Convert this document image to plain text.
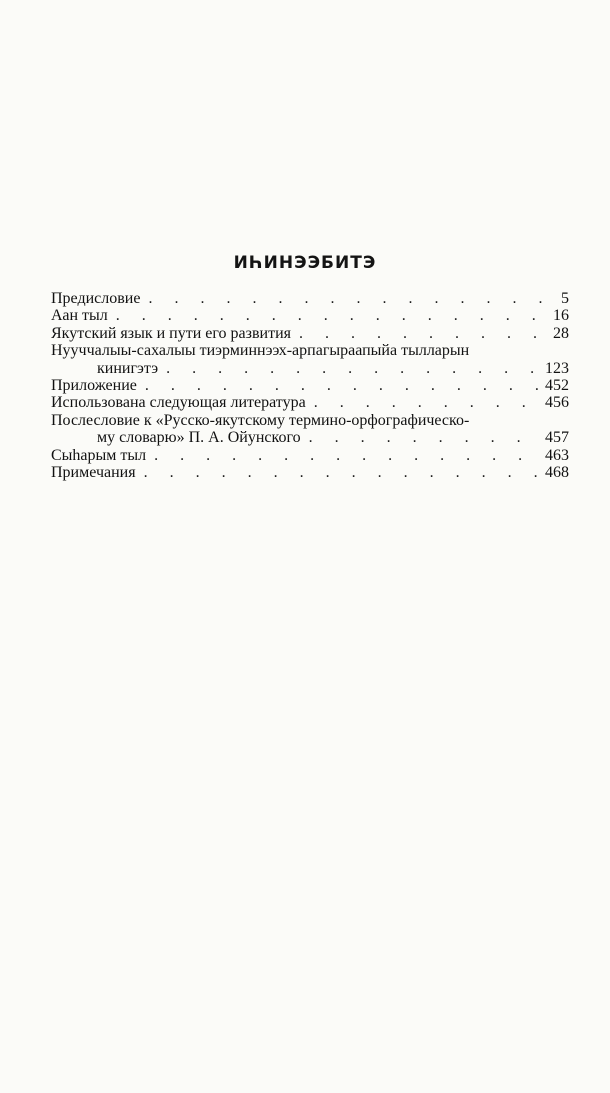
ИҺИНЭЭБИТЭ
Предисловие . . .	5
Аан тыл . . .	16
Якутский язык и пути его развития . . .	28
Нууччалыы-сахалыы тиэрминнээх-арпагыраапыйа тылларын
кинигэтэ . . .	123
Приложение . . .	452
Использована следующая литература . . .	456
Послесловие к «Русско-якутскому термино-орфографическо-
му словарю» П. А. Ойунского . . .	457
Сыһарым тыл . . .	463
Примечания . . .	468
